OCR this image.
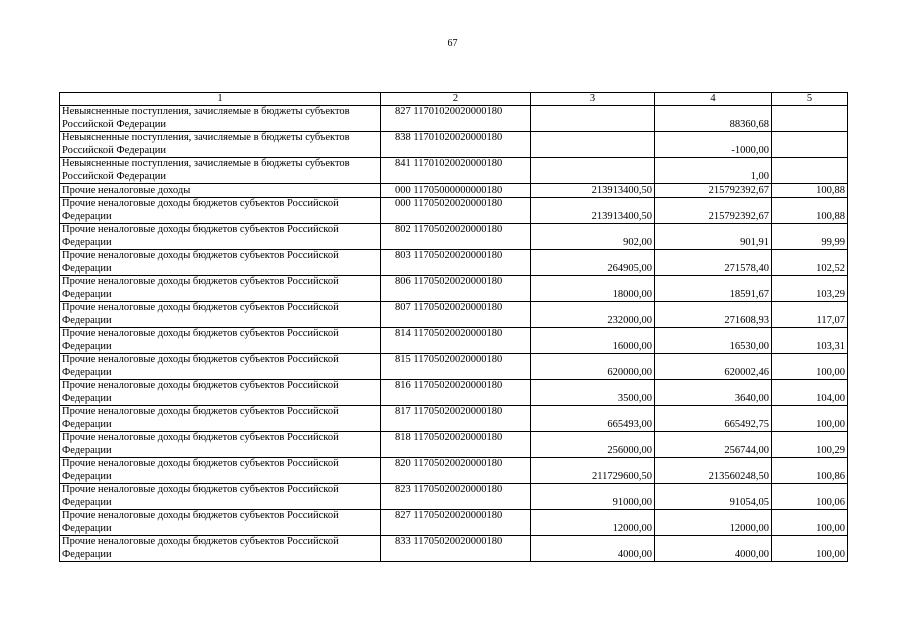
67
1	2	3	4	5
Невыясненные поступления, зачисляемые в бюджеты субъектов Российской Федерации	827 11701020020000180		88360,68	
Невыясненные поступления, зачисляемые в бюджеты субъектов Российской Федерации	838 11701020020000180		-1000,00	
Невыясненные поступления, зачисляемые в бюджеты субъектов Российской Федерации	841 11701020020000180		1,00	
Прочие неналоговые доходы	000 11705000000000180	213913400,50	215792392,67	100,88
Прочие неналоговые доходы бюджетов субъектов Российской Федерации	000 11705020020000180	213913400,50	215792392,67	100,88
Прочие неналоговые доходы бюджетов субъектов Российской Федерации	802 11705020020000180	902,00	901,91	99,99
Прочие неналоговые доходы бюджетов субъектов Российской Федерации	803 11705020020000180	264905,00	271578,40	102,52
Прочие неналоговые доходы бюджетов субъектов Российской Федерации	806 11705020020000180	18000,00	18591,67	103,29
Прочие неналоговые доходы бюджетов субъектов Российской Федерации	807 11705020020000180	232000,00	271608,93	117,07
Прочие неналоговые доходы бюджетов субъектов Российской Федерации	814 11705020020000180	16000,00	16530,00	103,31
Прочие неналоговые доходы бюджетов субъектов Российской Федерации	815 11705020020000180	620000,00	620002,46	100,00
Прочие неналоговые доходы бюджетов субъектов Российской Федерации	816 11705020020000180	3500,00	3640,00	104,00
Прочие неналоговые доходы бюджетов субъектов Российской Федерации	817 11705020020000180	665493,00	665492,75	100,00
Прочие неналоговые доходы бюджетов субъектов Российской Федерации	818 11705020020000180	256000,00	256744,00	100,29
Прочие неналоговые доходы бюджетов субъектов Российской Федерации	820 11705020020000180	211729600,50	213560248,50	100,86
Прочие неналоговые доходы бюджетов субъектов Российской Федерации	823 11705020020000180	91000,00	91054,05	100,06
Прочие неналоговые доходы бюджетов субъектов Российской Федерации	827 11705020020000180	12000,00	12000,00	100,00
Прочие неналоговые доходы бюджетов субъектов Российской Федерации	833 11705020020000180	4000,00	4000,00	100,00
